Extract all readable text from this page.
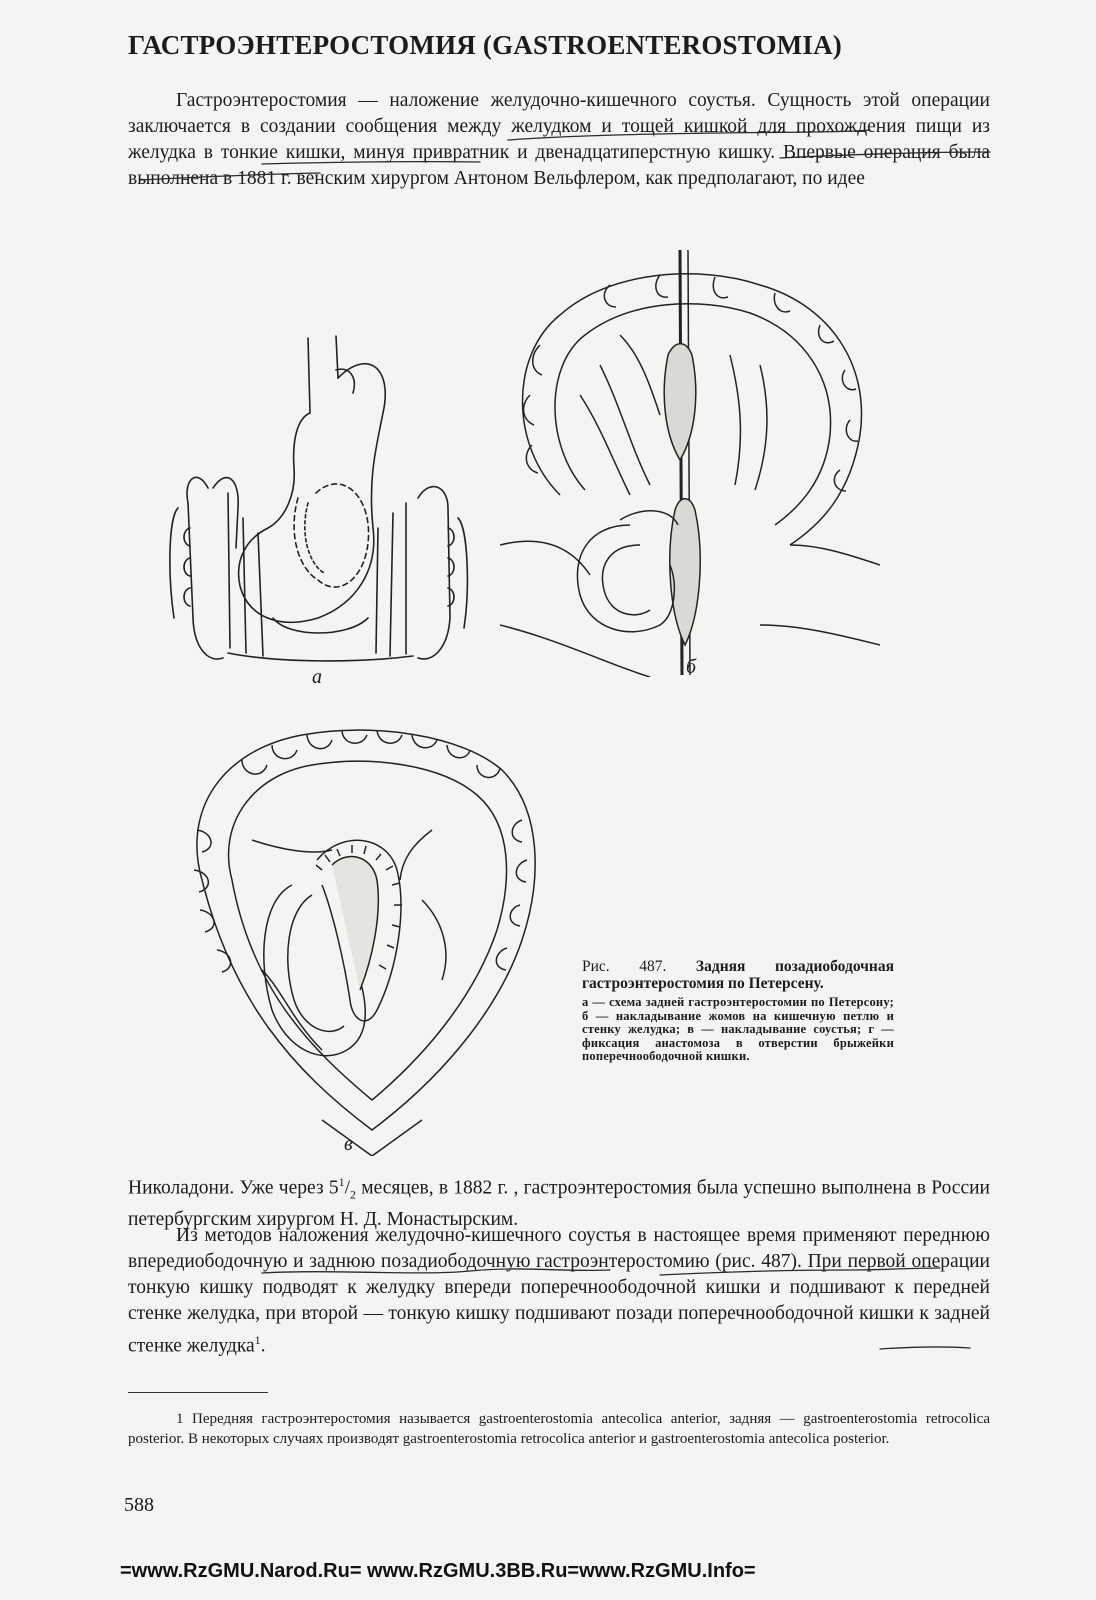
ГАСТРОЭНТЕРОСТОМИЯ (GASTROENTEROSTOMIA)
Гастроэнтеростомия — наложение желудочно-кишечного соустья. Сущность этой операции заключается в создании сообщения между желудком и тощей кишкой для прохождения пищи из желудка в тонкие кишки, минуя привратник и двенадцатиперстную кишку. Впервые операция была выполнена в 1881 г. венским хирургом Антоном Вельфлером, как предполагают, по идее
а	б
в

Рис. 487. Задняя позадиободочная гастроэнтеростомия по Петерсену.

а — схема задней гастроэнтеростомии по Петерсону; б — накладывание жомов на кишечную петлю и стенку желудка; в — накладывание соустья; г — фиксация анастомоза в отверстии брыжейки поперечноободочной кишки.

Николадони. Уже через $5^1/_2$ месяцев, в 1882 г. , гастроэнтеростомия была успешно выполнена в России петербургским хирургом Н. Д. Монастырским.
Из методов наложения желудочно-кишечного соустья в настоящее время применяют переднюю впередиободочную и заднюю позадиободочную гастроэнтеростомию (рис. 487). При первой операции тонкую кишку подводят к желудку впереди поперечноободочной кишки и подшивают к передней стенке желудка, при второй — тонкую кишку подшивают позади поперечноободочной кишки к задней стенке желудка$^1$.
1 Передняя гастроэнтеростомия называется gastroenterostomia antecolica anterior, задняя — gastroenterostomia retrocolica posterior. В некоторых случаях производят gastroenterostomia retrocolica anterior и gastroenterostomia antecolica posterior.
588
=www.RzGMU.Narod.Ru= www.RzGMU.3BB.Ru=www.RzGMU.Info=
